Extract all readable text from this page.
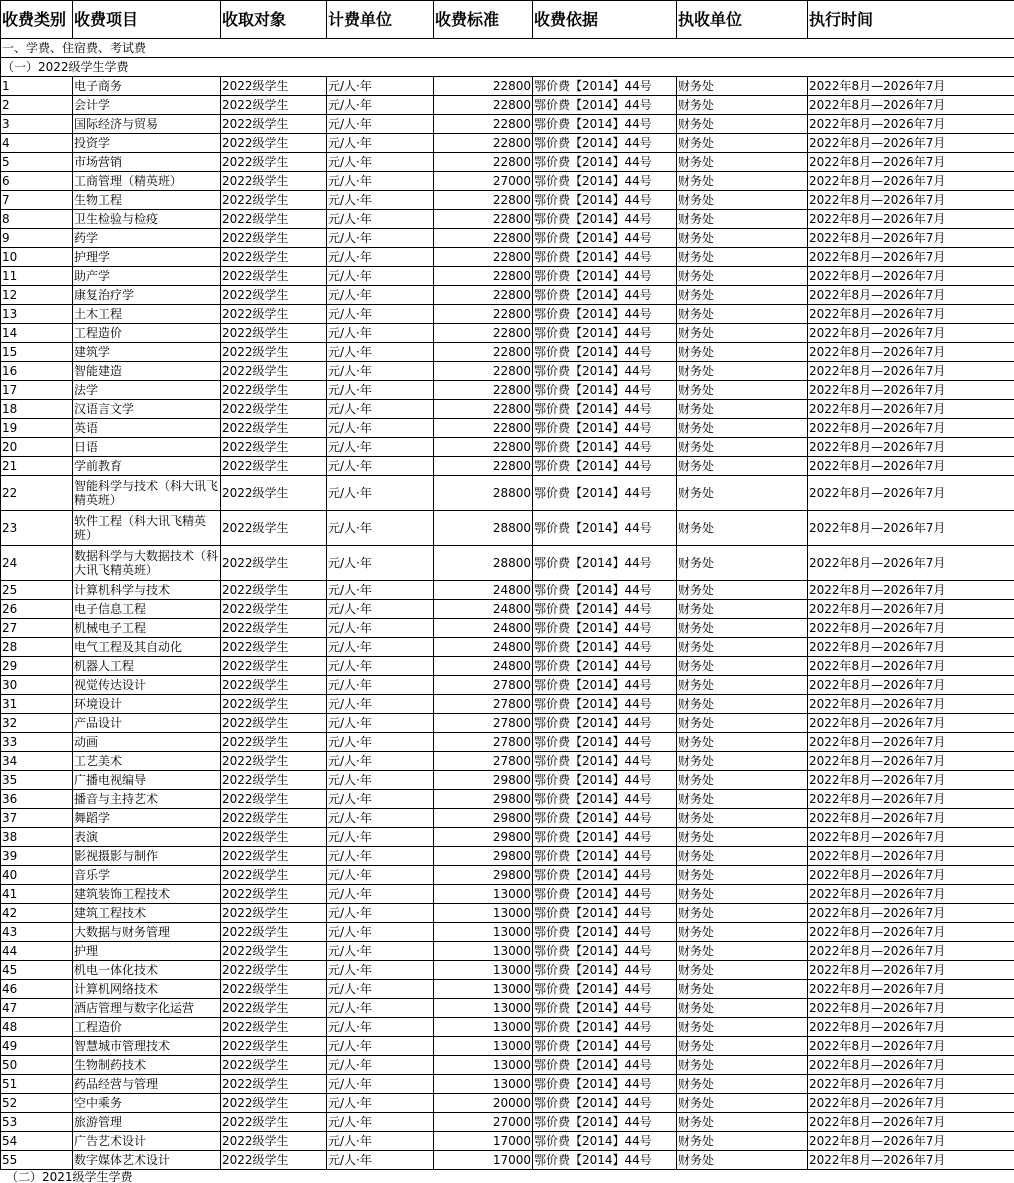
收费类别	收费项目	收取对象	计费单位	收费标准	收费依据	执收单位	执行时间
一、学费、住宿费、考试费							
（一）2022级学生学费							
1	电子商务	2022级学生	元/人·年	22800	鄂价费【2014】44号	财务处	2022年8月—2026年7月
2	会计学	2022级学生	元/人·年	22800	鄂价费【2014】44号	财务处	2022年8月—2026年7月
3	国际经济与贸易	2022级学生	元/人·年	22800	鄂价费【2014】44号	财务处	2022年8月—2026年7月
4	投资学	2022级学生	元/人·年	22800	鄂价费【2014】44号	财务处	2022年8月—2026年7月
5	市场营销	2022级学生	元/人·年	22800	鄂价费【2014】44号	财务处	2022年8月—2026年7月
6	工商管理（精英班）	2022级学生	元/人·年	27000	鄂价费【2014】44号	财务处	2022年8月—2026年7月
7	生物工程	2022级学生	元/人·年	22800	鄂价费【2014】44号	财务处	2022年8月—2026年7月
8	卫生检验与检疫	2022级学生	元/人·年	22800	鄂价费【2014】44号	财务处	2022年8月—2026年7月
9	药学	2022级学生	元/人·年	22800	鄂价费【2014】44号	财务处	2022年8月—2026年7月
10	护理学	2022级学生	元/人·年	22800	鄂价费【2014】44号	财务处	2022年8月—2026年7月
11	助产学	2022级学生	元/人·年	22800	鄂价费【2014】44号	财务处	2022年8月—2026年7月
12	康复治疗学	2022级学生	元/人·年	22800	鄂价费【2014】44号	财务处	2022年8月—2026年7月
13	土木工程	2022级学生	元/人·年	22800	鄂价费【2014】44号	财务处	2022年8月—2026年7月
14	工程造价	2022级学生	元/人·年	22800	鄂价费【2014】44号	财务处	2022年8月—2026年7月
15	建筑学	2022级学生	元/人·年	22800	鄂价费【2014】44号	财务处	2022年8月—2026年7月
16	智能建造	2022级学生	元/人·年	22800	鄂价费【2014】44号	财务处	2022年8月—2026年7月
17	法学	2022级学生	元/人·年	22800	鄂价费【2014】44号	财务处	2022年8月—2026年7月
18	汉语言文学	2022级学生	元/人·年	22800	鄂价费【2014】44号	财务处	2022年8月—2026年7月
19	英语	2022级学生	元/人·年	22800	鄂价费【2014】44号	财务处	2022年8月—2026年7月
20	日语	2022级学生	元/人·年	22800	鄂价费【2014】44号	财务处	2022年8月—2026年7月
21	学前教育	2022级学生	元/人·年	22800	鄂价费【2014】44号	财务处	2022年8月—2026年7月
22	智能科学与技术（科大讯飞精英班）	2022级学生	元/人·年	28800	鄂价费【2014】44号	财务处	2022年8月—2026年7月
23	软件工程（科大讯飞精英班）	2022级学生	元/人·年	28800	鄂价费【2014】44号	财务处	2022年8月—2026年7月
24	数据科学与大数据技术（科大讯飞精英班）	2022级学生	元/人·年	28800	鄂价费【2014】44号	财务处	2022年8月—2026年7月
25	计算机科学与技术	2022级学生	元/人·年	24800	鄂价费【2014】44号	财务处	2022年8月—2026年7月
26	电子信息工程	2022级学生	元/人·年	24800	鄂价费【2014】44号	财务处	2022年8月—2026年7月
27	机械电子工程	2022级学生	元/人·年	24800	鄂价费【2014】44号	财务处	2022年8月—2026年7月
28	电气工程及其自动化	2022级学生	元/人·年	24800	鄂价费【2014】44号	财务处	2022年8月—2026年7月
29	机器人工程	2022级学生	元/人·年	24800	鄂价费【2014】44号	财务处	2022年8月—2026年7月
30	视觉传达设计	2022级学生	元/人·年	27800	鄂价费【2014】44号	财务处	2022年8月—2026年7月
31	环境设计	2022级学生	元/人·年	27800	鄂价费【2014】44号	财务处	2022年8月—2026年7月
32	产品设计	2022级学生	元/人·年	27800	鄂价费【2014】44号	财务处	2022年8月—2026年7月
33	动画	2022级学生	元/人·年	27800	鄂价费【2014】44号	财务处	2022年8月—2026年7月
34	工艺美术	2022级学生	元/人·年	27800	鄂价费【2014】44号	财务处	2022年8月—2026年7月
35	广播电视编导	2022级学生	元/人·年	29800	鄂价费【2014】44号	财务处	2022年8月—2026年7月
36	播音与主持艺术	2022级学生	元/人·年	29800	鄂价费【2014】44号	财务处	2022年8月—2026年7月
37	舞蹈学	2022级学生	元/人·年	29800	鄂价费【2014】44号	财务处	2022年8月—2026年7月
38	表演	2022级学生	元/人·年	29800	鄂价费【2014】44号	财务处	2022年8月—2026年7月
39	影视摄影与制作	2022级学生	元/人·年	29800	鄂价费【2014】44号	财务处	2022年8月—2026年7月
40	音乐学	2022级学生	元/人·年	29800	鄂价费【2014】44号	财务处	2022年8月—2026年7月
41	建筑装饰工程技术	2022级学生	元/人·年	13000	鄂价费【2014】44号	财务处	2022年8月—2026年7月
42	建筑工程技术	2022级学生	元/人·年	13000	鄂价费【2014】44号	财务处	2022年8月—2026年7月
43	大数据与财务管理	2022级学生	元/人·年	13000	鄂价费【2014】44号	财务处	2022年8月—2026年7月
44	护理	2022级学生	元/人·年	13000	鄂价费【2014】44号	财务处	2022年8月—2026年7月
45	机电一体化技术	2022级学生	元/人·年	13000	鄂价费【2014】44号	财务处	2022年8月—2026年7月
46	计算机网络技术	2022级学生	元/人·年	13000	鄂价费【2014】44号	财务处	2022年8月—2026年7月
47	酒店管理与数字化运营	2022级学生	元/人·年	13000	鄂价费【2014】44号	财务处	2022年8月—2026年7月
48	工程造价	2022级学生	元/人·年	13000	鄂价费【2014】44号	财务处	2022年8月—2026年7月
49	智慧城市管理技术	2022级学生	元/人·年	13000	鄂价费【2014】44号	财务处	2022年8月—2026年7月
50	生物制药技术	2022级学生	元/人·年	13000	鄂价费【2014】44号	财务处	2022年8月—2026年7月
51	药品经营与管理	2022级学生	元/人·年	13000	鄂价费【2014】44号	财务处	2022年8月—2026年7月
52	空中乘务	2022级学生	元/人·年	20000	鄂价费【2014】44号	财务处	2022年8月—2026年7月
53	旅游管理	2022级学生	元/人·年	27000	鄂价费【2014】44号	财务处	2022年8月—2026年7月
54	广告艺术设计	2022级学生	元/人·年	17000	鄂价费【2014】44号	财务处	2022年8月—2026年7月
55	数字媒体艺术设计	2022级学生	元/人·年	17000	鄂价费【2014】44号	财务处	2022年8月—2026年7月
（二）2021级学生学费
